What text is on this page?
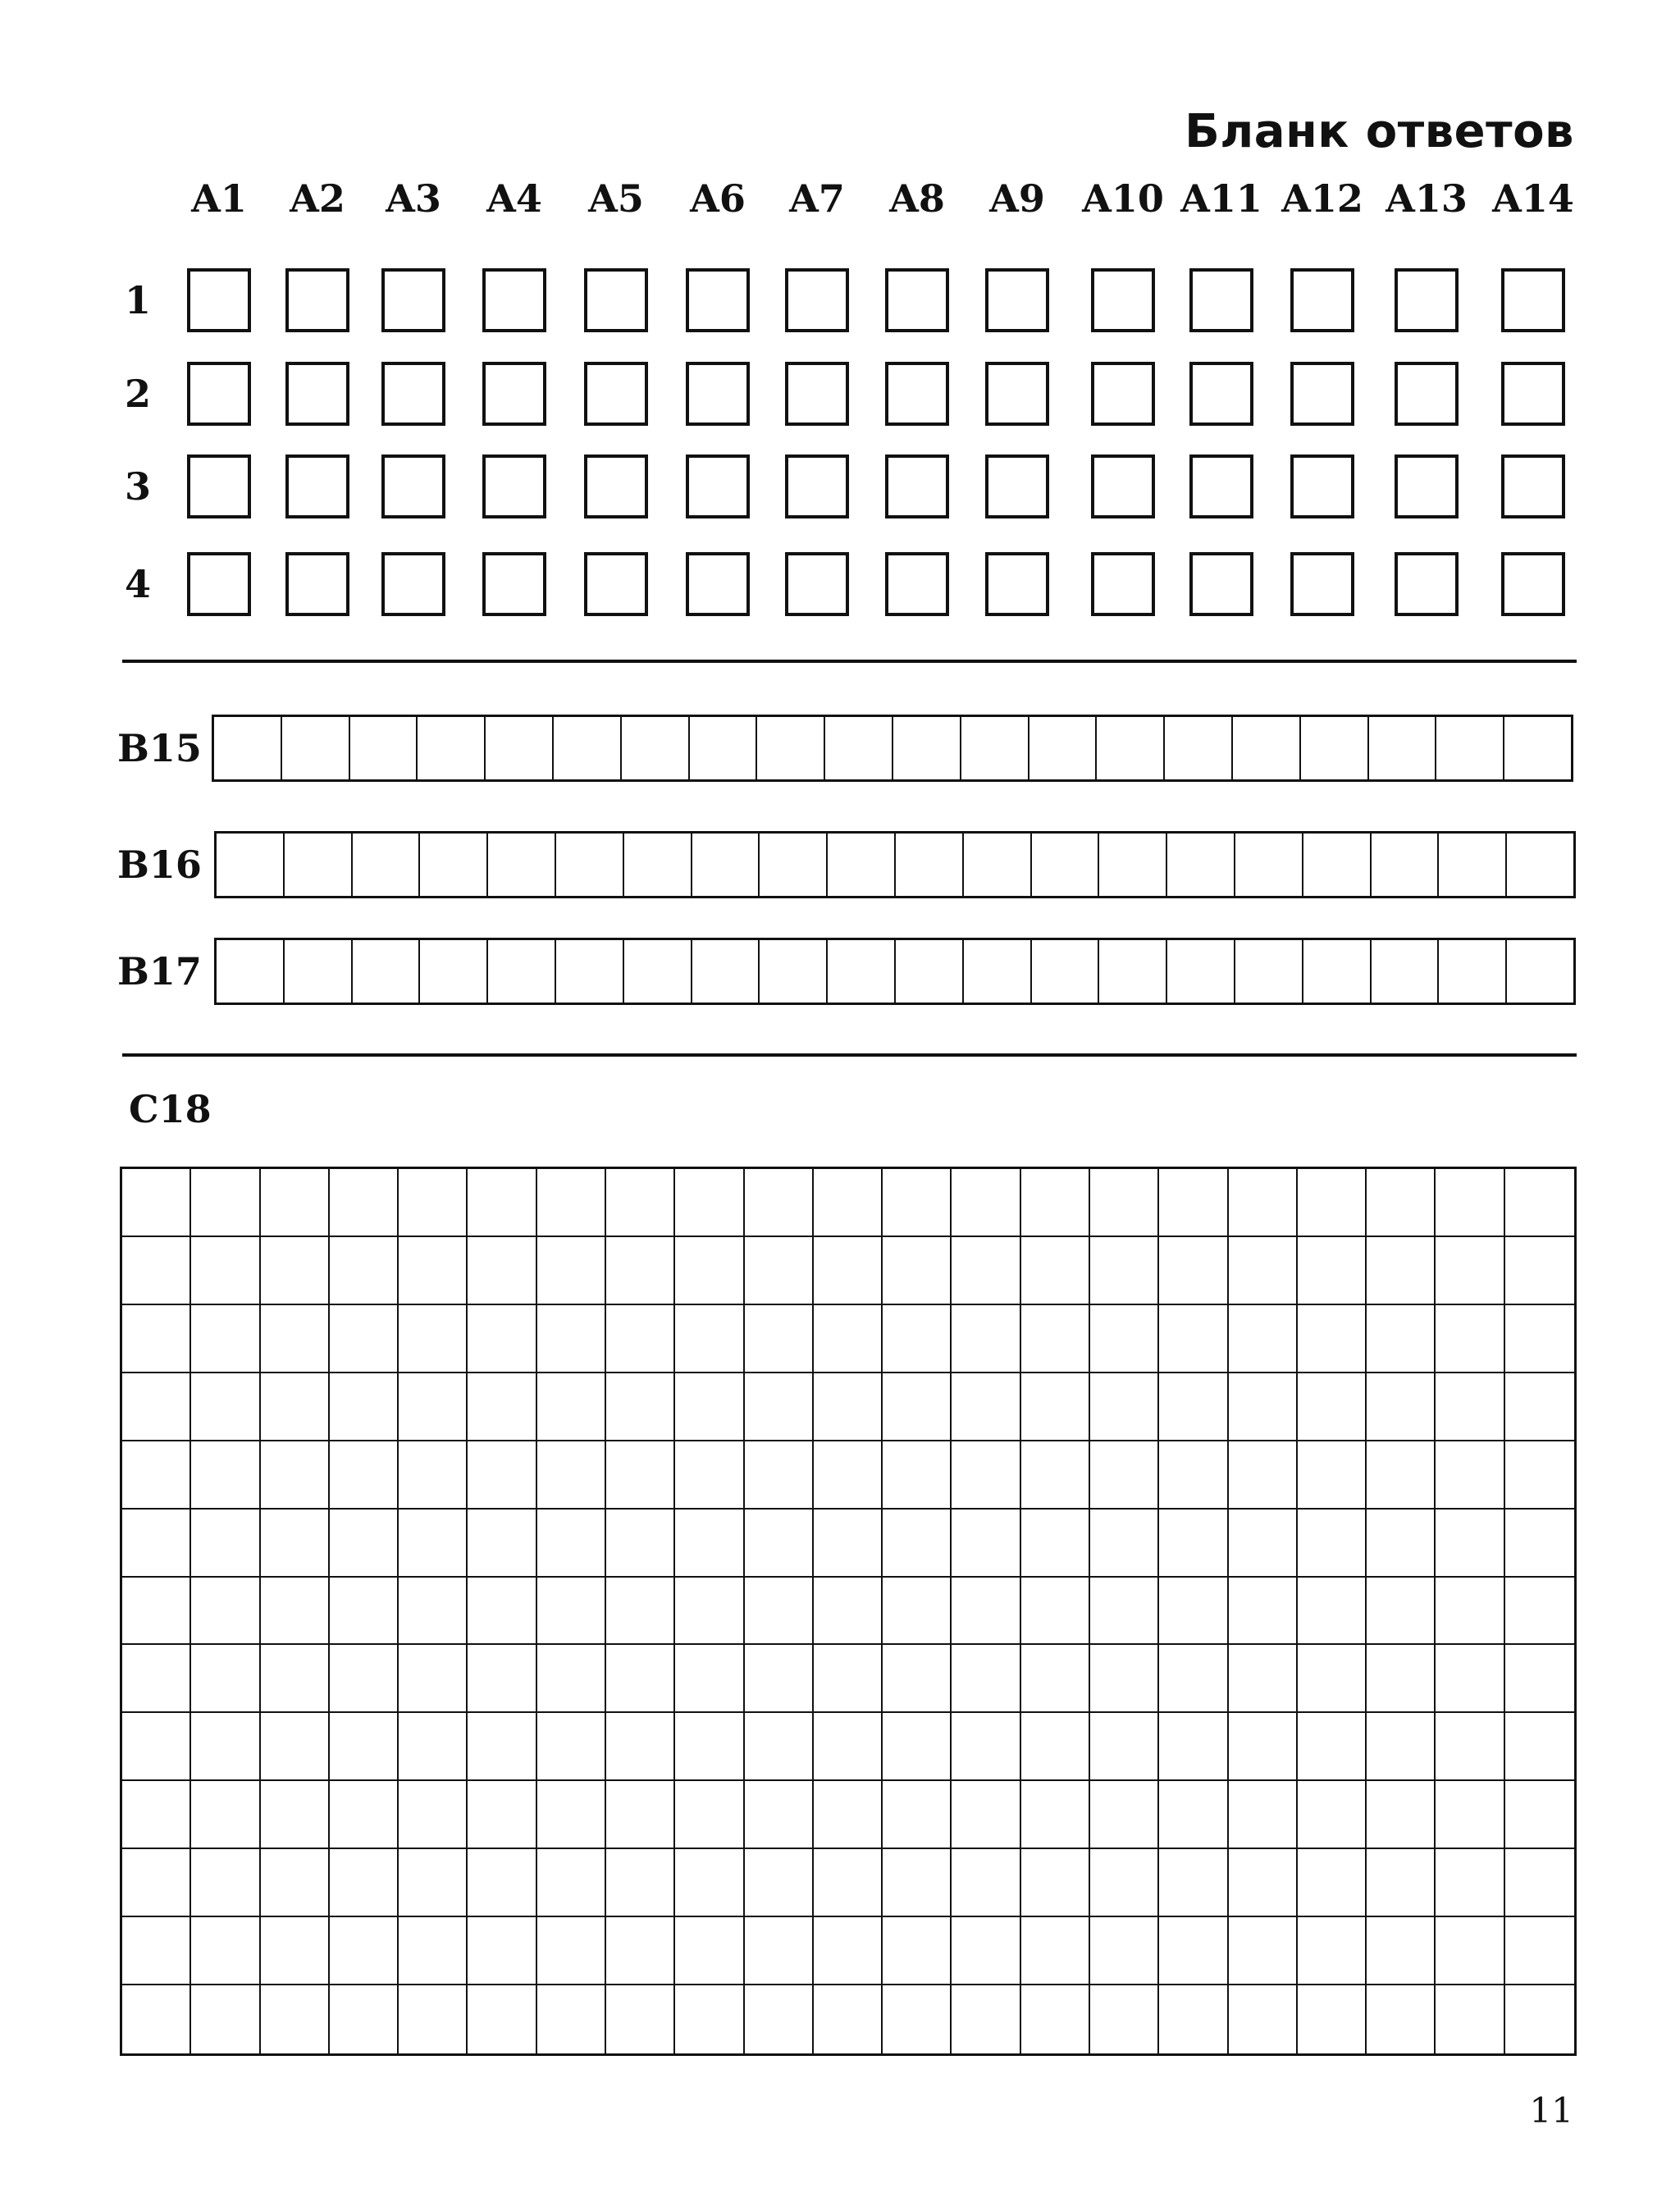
Бланк ответов
A1 A2 A3 A4 A5 A6 A7 A8 A9 A10 A11 A12 A13 A14
1
2
3
4
B15
B16
B17
C18
11
